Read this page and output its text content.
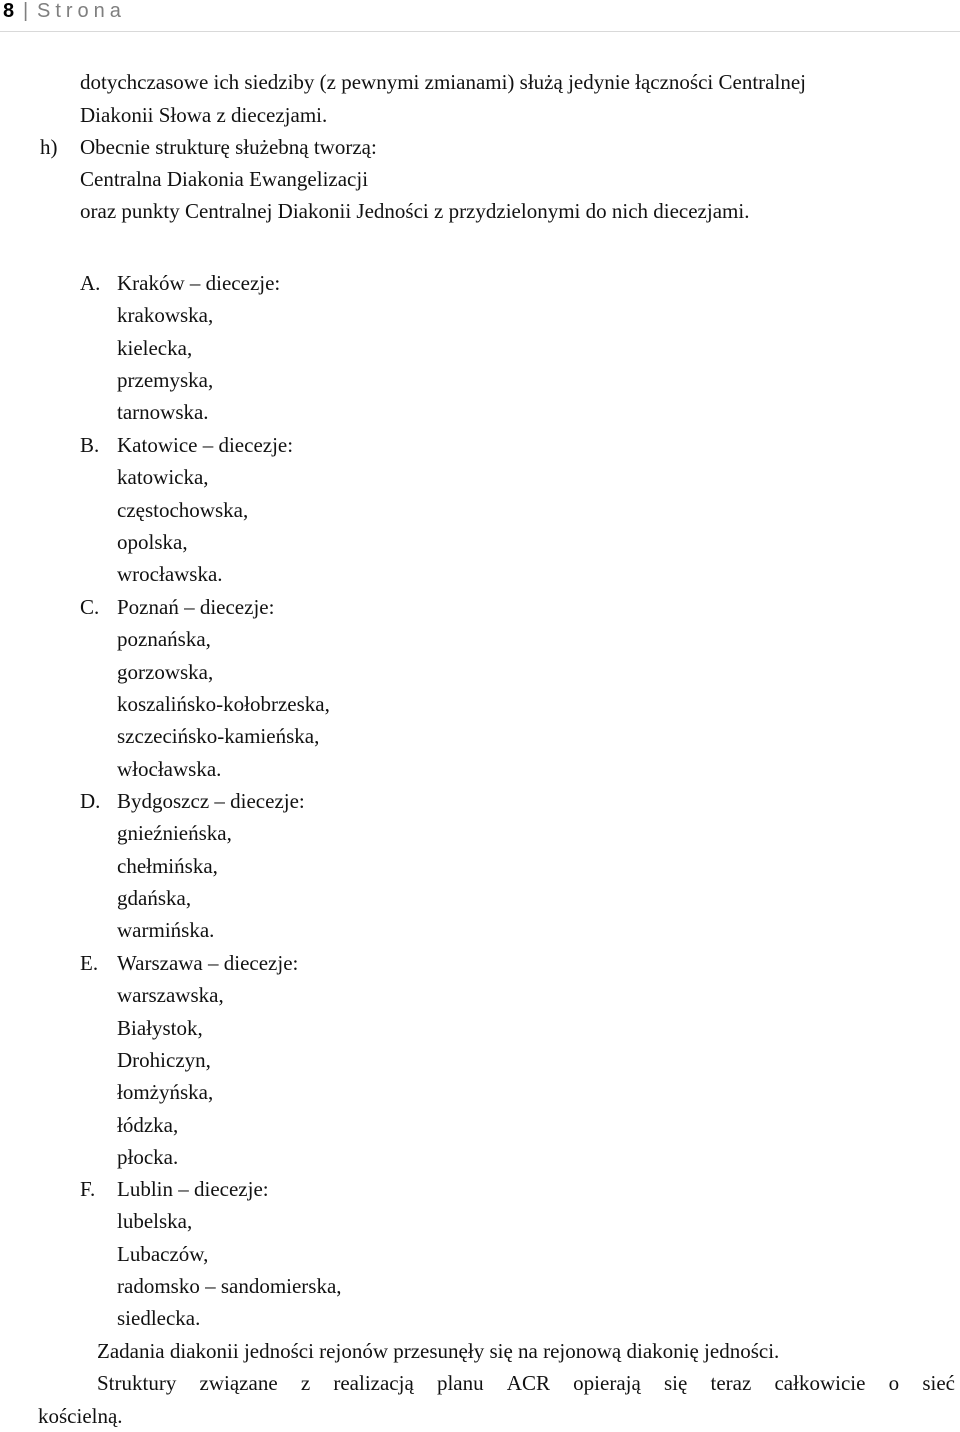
8 | Strona
dotychczasowe ich siedziby (z pewnymi zmianami) służą jedynie łączności Centralnej
Diakonii Słowa z diecezjami.
h) Obecnie strukturę służebną tworzą:
Centralna Diakonia Ewangelizacji
oraz punkty Centralnej Diakonii Jedności z przydzielonymi do nich diecezjami.
A. Kraków – diecezje:
krakowska,
kielecka,
przemyska,
tarnowska.
B. Katowice – diecezje:
katowicka,
częstochowska,
opolska,
wrocławska.
C. Poznań – diecezje:
poznańska,
gorzowska,
koszalińsko-kołobrzeska,
szczecińsko-kamieńska,
włocławska.
D. Bydgoszcz – diecezje:
gnieźnieńska,
chełmińska,
gdańska,
warmińska.
E. Warszawa – diecezje:
warszawska,
Białystok,
Drohiczyn,
łomżyńska,
łódzka,
płocka.
F. Lublin – diecezje:
lubelska,
Lubaczów,
radomsko – sandomierska,
siedlecka.
Zadania diakonii jedności rejonów przesunęły się na rejonową diakonię jedności.
Struktury związane z realizacją planu ACR opierają się teraz całkowicie o sieć
kościelną.
